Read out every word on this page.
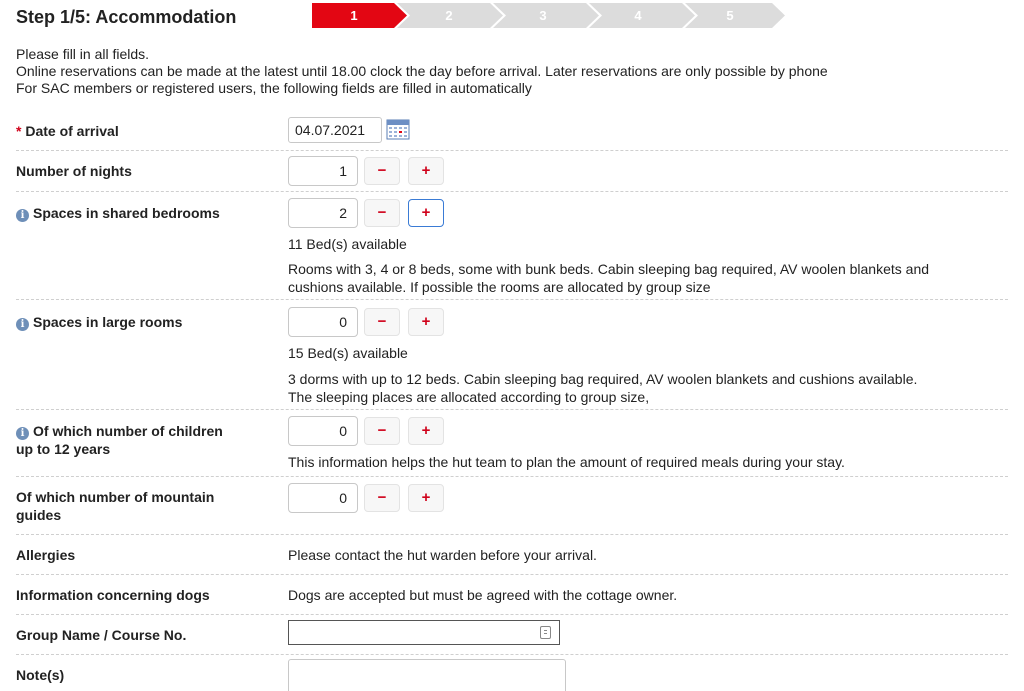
Step 1/5: Accommodation	1	2	3	4	5
Please fill in all fields.
Online reservations can be made at the latest until 18.00 clock the day before arrival. Later reservations are only possible by phone
For SAC members or registered users, the following fields are filled in automatically
* Date of arrival	04.07.2021
Number of nights	1	−	+
i Spaces in shared bedrooms	2	−	+
11 Bed(s) available
Rooms with 3, 4 or 8 beds, some with bunk beds. Cabin sleeping bag required, AV woolen blankets and
cushions available. If possible the rooms are allocated by group size
i Spaces in large rooms	0	−	+
15 Bed(s) available
3 dorms with up to 12 beds. Cabin sleeping bag required, AV woolen blankets and cushions available.
The sleeping places are allocated according to group size,
i Of which number of children
up to 12 years
0	−	+
This information helps the hut team to plan the amount of required meals during your stay.
Of which number of mountain
guides
0	−	+
Allergies	Please contact the hut warden before your arrival.
Information concerning dogs	Dogs are accepted but must be agreed with the cottage owner.
Group Name / Course No.
Note(s)
